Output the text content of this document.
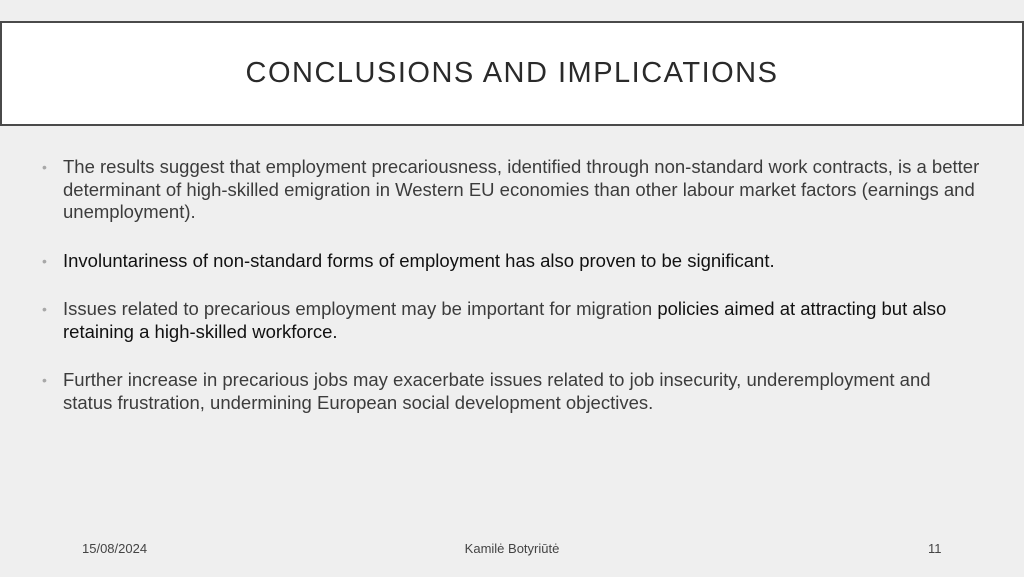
CONCLUSIONS AND IMPLICATIONS
• The results suggest that employment precariousness, identified through non-standard work contracts, is a better determinant of high-skilled emigration in Western EU economies than other labour market factors (earnings and unemployment).
• Involuntariness of non-standard forms of employment has also proven to be significant.
• Issues related to precarious employment may be important for migration policies aimed at attracting but also retaining a high-skilled workforce.
• Further increase in precarious jobs may exacerbate issues related to job insecurity, underemployment and status frustration, undermining European social development objectives.
15/08/2024	Kamilė Botyriūtė	11
